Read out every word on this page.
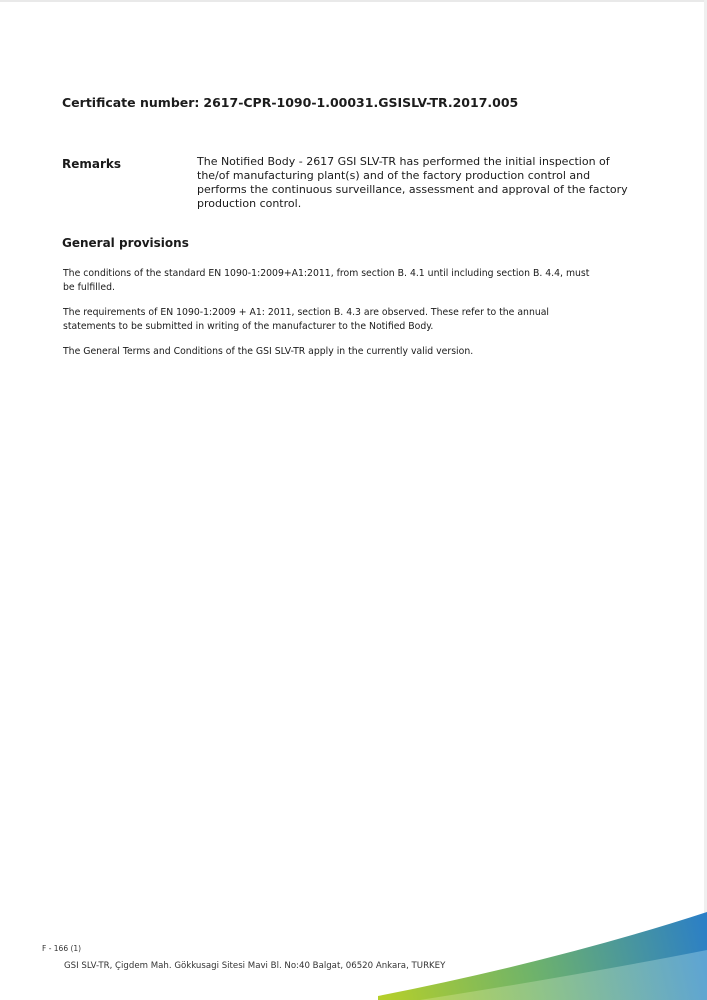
Certificate number: 2617-CPR-1090-1.00031.GSISLV-TR.2017.005
Remarks	The Notified Body - 2617 GSI SLV-TR has performed the initial inspection of the/of manufacturing plant(s) and of the factory production control and performs the continuous surveillance, assessment and approval of the factory production control.
General provisions
The conditions of the standard EN 1090-1:2009+A1:2011, from section B. 4.1 until including section B. 4.4, must be fulfilled.
The requirements of EN 1090-1:2009 + A1: 2011, section B. 4.3 are observed. These refer to the annual statements to be submitted in writing of the manufacturer to the Notified Body.
The General Terms and Conditions of the GSI SLV-TR apply in the currently valid version.
F - 166 (1)
GSI SLV-TR, Çigdem Mah. Gökkusagi Sitesi Mavi Bl. No:40 Balgat, 06520 Ankara, TURKEY
